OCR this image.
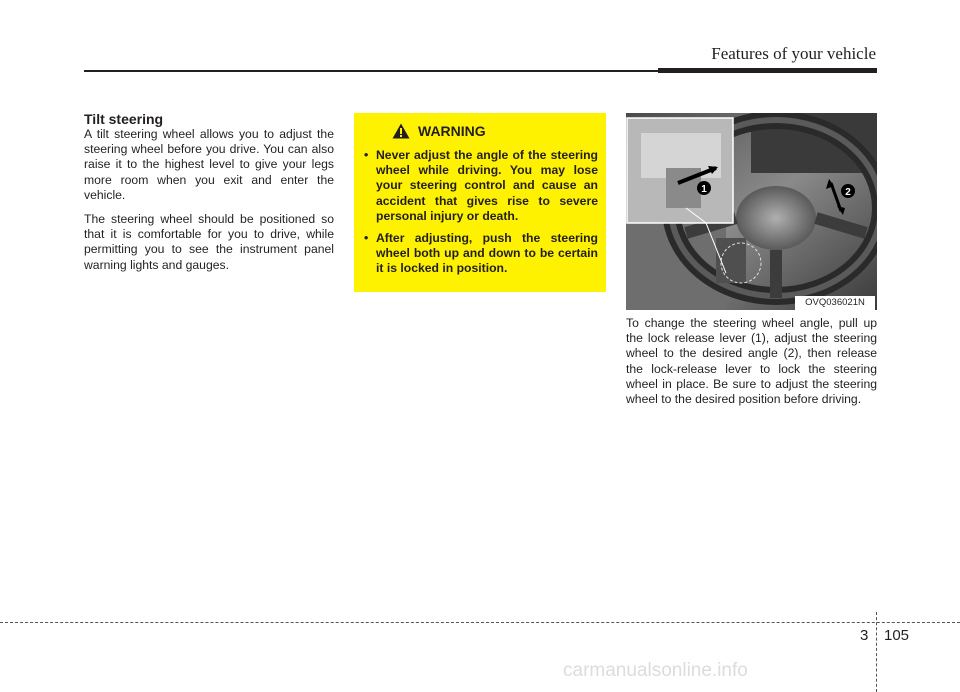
Features of your vehicle

Tilt steering

A tilt steering wheel allows you to adjust the steering wheel before you drive. You can also raise it to the highest level to give your legs more room when you exit and enter the vehicle.

The steering wheel should be positioned so that it is comfortable for you to drive, while permitting you to see the instrument panel warning lights and gauges.

WARNING
• Never adjust the angle of the steering wheel while driving. You may lose your steering control and cause an accident that gives rise to severe personal injury or death.
• After adjusting, push the steering wheel both up and down to be certain it is locked in position.
1	2
OVQ036021N

To change the steering wheel angle, pull up the lock release lever (1), adjust the steering wheel to the desired angle (2), then release the lock-release lever to lock the steering wheel in place. Be sure to adjust the steering wheel to the desired position before driving.

3 105
carmanualsonline.info
